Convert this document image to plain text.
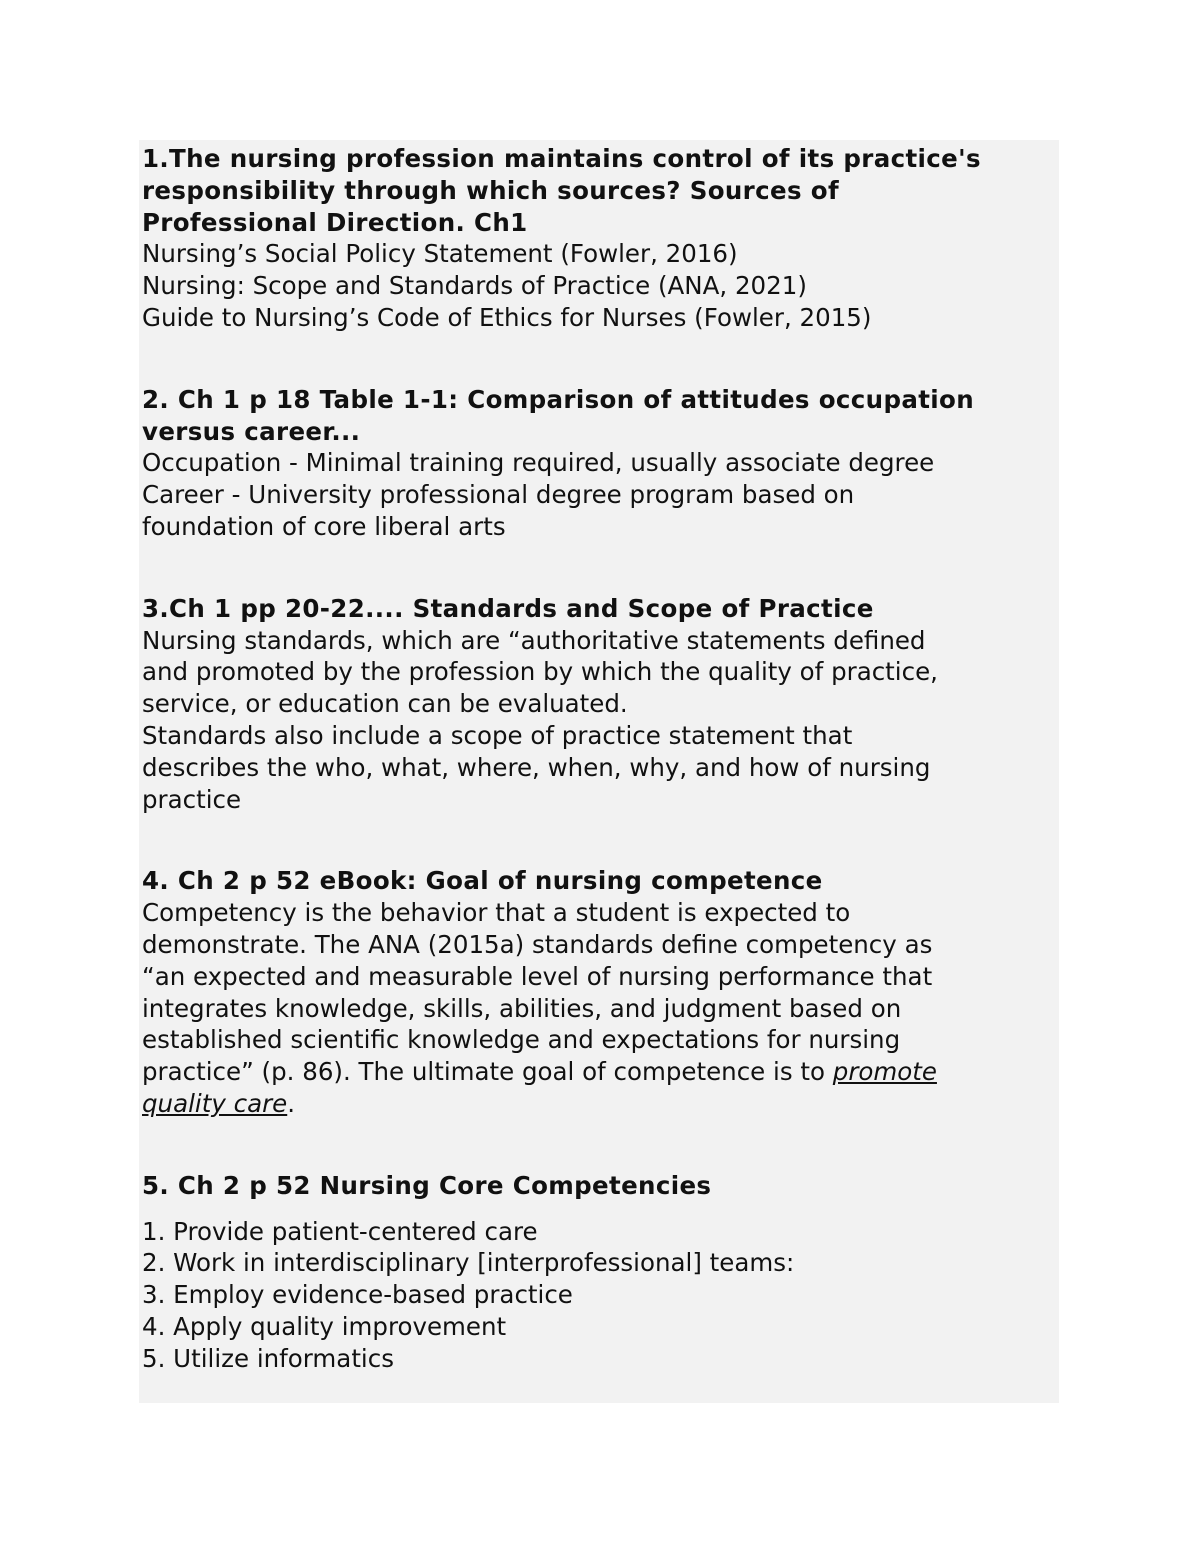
1.The nursing profession maintains control of its practice's
responsibility through which sources? Sources of
Professional Direction. Ch1
Nursing’s Social Policy Statement (Fowler, 2016)
Nursing: Scope and Standards of Practice (ANA, 2021)
Guide to Nursing’s Code of Ethics for Nurses (Fowler, 2015)
2. Ch 1 p 18 Table 1-1: Comparison of attitudes occupation
versus career...
Occupation - Minimal training required, usually associate degree
Career - University professional degree program based on
foundation of core liberal arts
3.Ch 1 pp 20-22.... Standards and Scope of Practice
Nursing standards, which are “authoritative statements defined
and promoted by the profession by which the quality of practice,
service, or education can be evaluated.
Standards also include a scope of practice statement that
describes the who, what, where, when, why, and how of nursing
practice
4. Ch 2 p 52 eBook: Goal of nursing competence
Competency is the behavior that a student is expected to
demonstrate. The ANA (2015a) standards define competency as
“an expected and measurable level of nursing performance that
integrates knowledge, skills, abilities, and judgment based on
established scientific knowledge and expectations for nursing
practice” (p. 86). The ultimate goal of competence is to promote
quality care.
5. Ch 2 p 52 Nursing Core Competencies
1. Provide patient-centered care
2. Work in interdisciplinary [interprofessional] teams:
3. Employ evidence-based practice
4. Apply quality improvement
5. Utilize informatics
